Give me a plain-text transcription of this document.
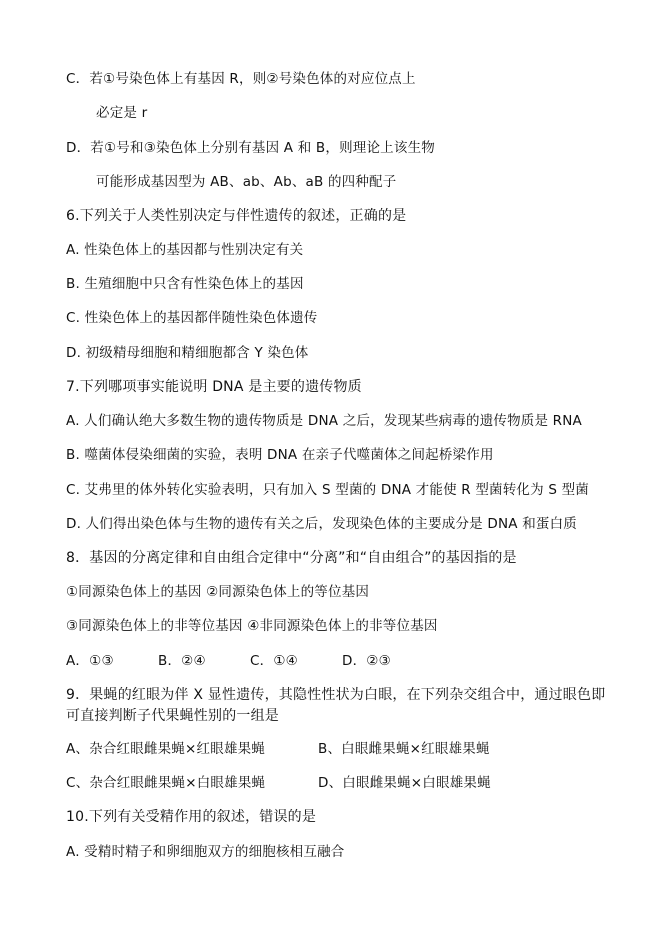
C．若①号染色体上有基因 R，则②号染色体的对应位点上
必定是 r
D．若①号和③染色体上分别有基因 A 和 B，则理论上该生物
可能形成基因型为 AB、ab、Ab、aB 的四种配子
6.下列关于人类性别决定与伴性遗传的叙述，正确的是
A. 性染色体上的基因都与性别决定有关
B. 生殖细胞中只含有性染色体上的基因
C. 性染色体上的基因都伴随性染色体遗传
D. 初级精母细胞和精细胞都含 Y 染色体
7.下列哪项事实能说明 DNA 是主要的遗传物质
A. 人们确认绝大多数生物的遗传物质是 DNA 之后，发现某些病毒的遗传物质是 RNA
B. 噬菌体侵染细菌的实验，表明 DNA 在亲子代噬菌体之间起桥梁作用
C. 艾弗里的体外转化实验表明，只有加入 S 型菌的 DNA 才能使 R 型菌转化为 S 型菌
D. 人们得出染色体与生物的遗传有关之后，发现染色体的主要成分是 DNA 和蛋白质
8．基因的分离定律和自由组合定律中“分离”和“自由组合”的基因指的是
①同源染色体上的基因 ②同源染色体上的等位基因
③同源染色体上的非等位基因 ④非同源染色体上的非等位基因
A．①③	B．②④	C．①④	D．②③
9．果蝇的红眼为伴 X 显性遗传，其隐性性状为白眼，在下列杂交组合中，通过眼色即
可直接判断子代果蝇性别的一组是
A、杂合红眼雌果蝇×红眼雄果蝇	B、白眼雌果蝇×红眼雄果蝇
C、杂合红眼雌果蝇×白眼雄果蝇	D、白眼雌果蝇×白眼雄果蝇
10.下列有关受精作用的叙述，错误的是
A. 受精时精子和卵细胞双方的细胞核相互融合
